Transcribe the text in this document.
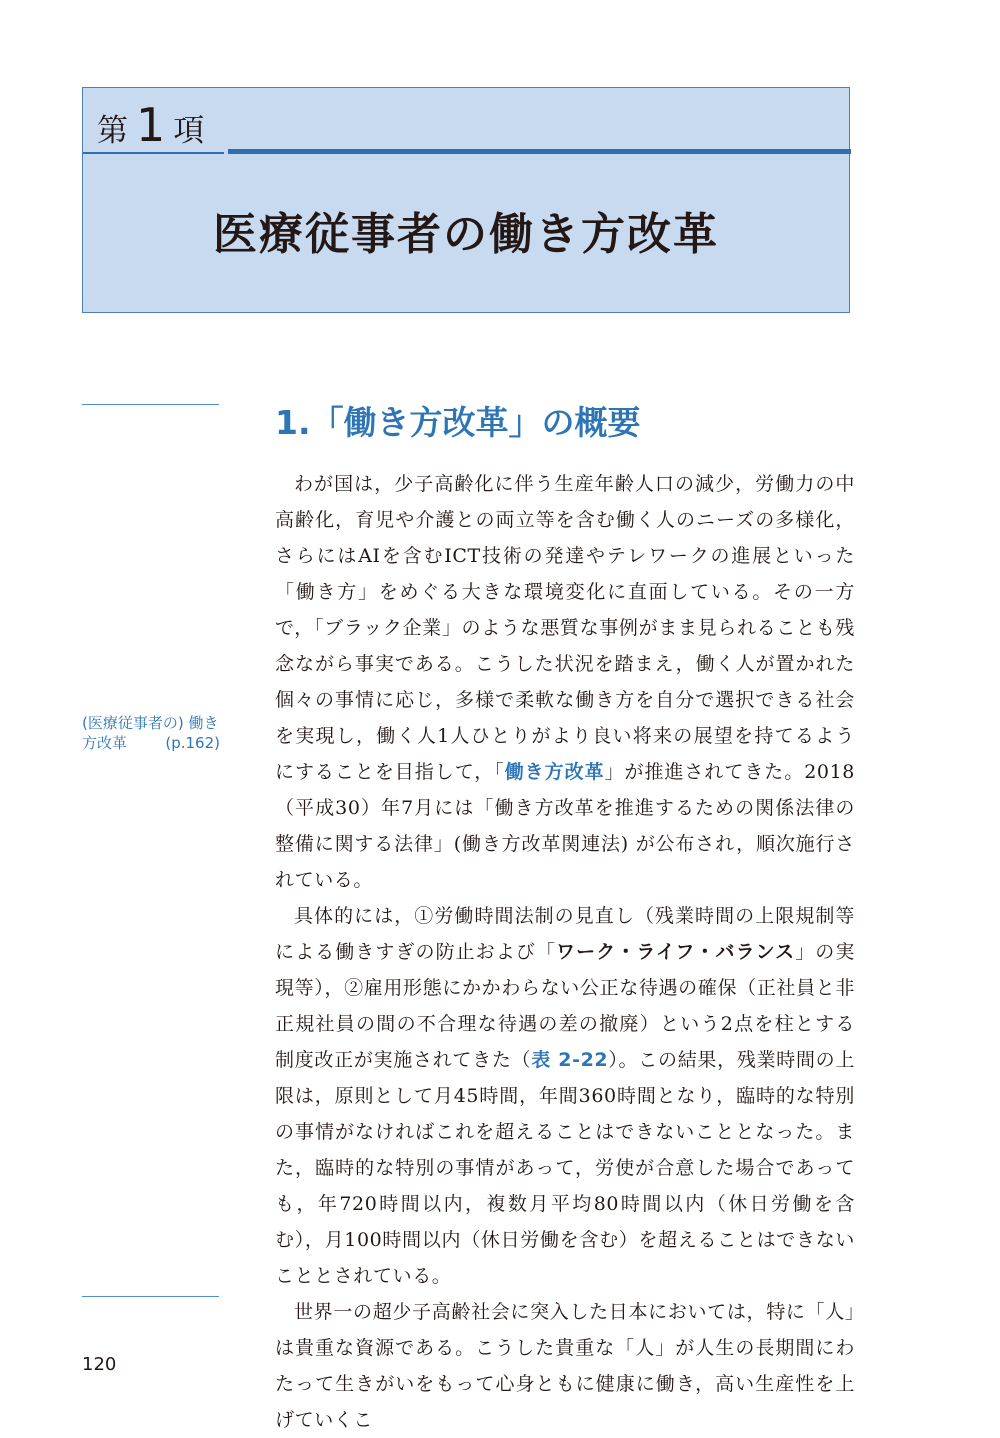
第 1 項
医療従事者の働き方改革
1.「働き方改革」の概要
(医療従事者の) 働き
方改革	(p.162)

わが国は，少子高齢化に伴う生産年齢人口の減少，労働力の中高齢化，育児や介護との両立等を含む働く人のニーズの多様化，さらにはAIを含むICT技術の発達やテレワークの進展といった「働き方」をめぐる大きな環境変化に直面している。その一方で，「ブラック企業」のような悪質な事例がまま見られることも残念ながら事実である。こうした状況を踏まえ，働く人が置かれた個々の事情に応じ，多様で柔軟な働き方を自分で選択できる社会を実現し，働く人1人ひとりがより良い将来の展望を持てるようにすることを目指して，「働き方改革」が推進されてきた。2018（平成30）年7月には「働き方改革を推進するための関係法律の整備に関する法律」(働き方改革関連法) が公布され，順次施行されている。

具体的には，①労働時間法制の見直し（残業時間の上限規制等による働きすぎの防止および「ワーク・ライフ・バランス」の実現等），②雇用形態にかかわらない公正な待遇の確保（正社員と非正規社員の間の不合理な待遇の差の撤廃）という2点を柱とする制度改正が実施されてきた（表 2-22）。この結果，残業時間の上限は，原則として月45時間，年間360時間となり，臨時的な特別の事情がなければこれを超えることはできないこととなった。また，臨時的な特別の事情があって，労使が合意した場合であっても，年720時間以内，複数月平均80時間以内（休日労働を含む），月100時間以内（休日労働を含む）を超えることはできないこととされている。

世界一の超少子高齢社会に突入した日本においては，特に「人」は貴重な資源である。こうした貴重な「人」が人生の長期間にわたって生きがいをもって心身ともに健康に働き，高い生産性を上げていくこ

120
